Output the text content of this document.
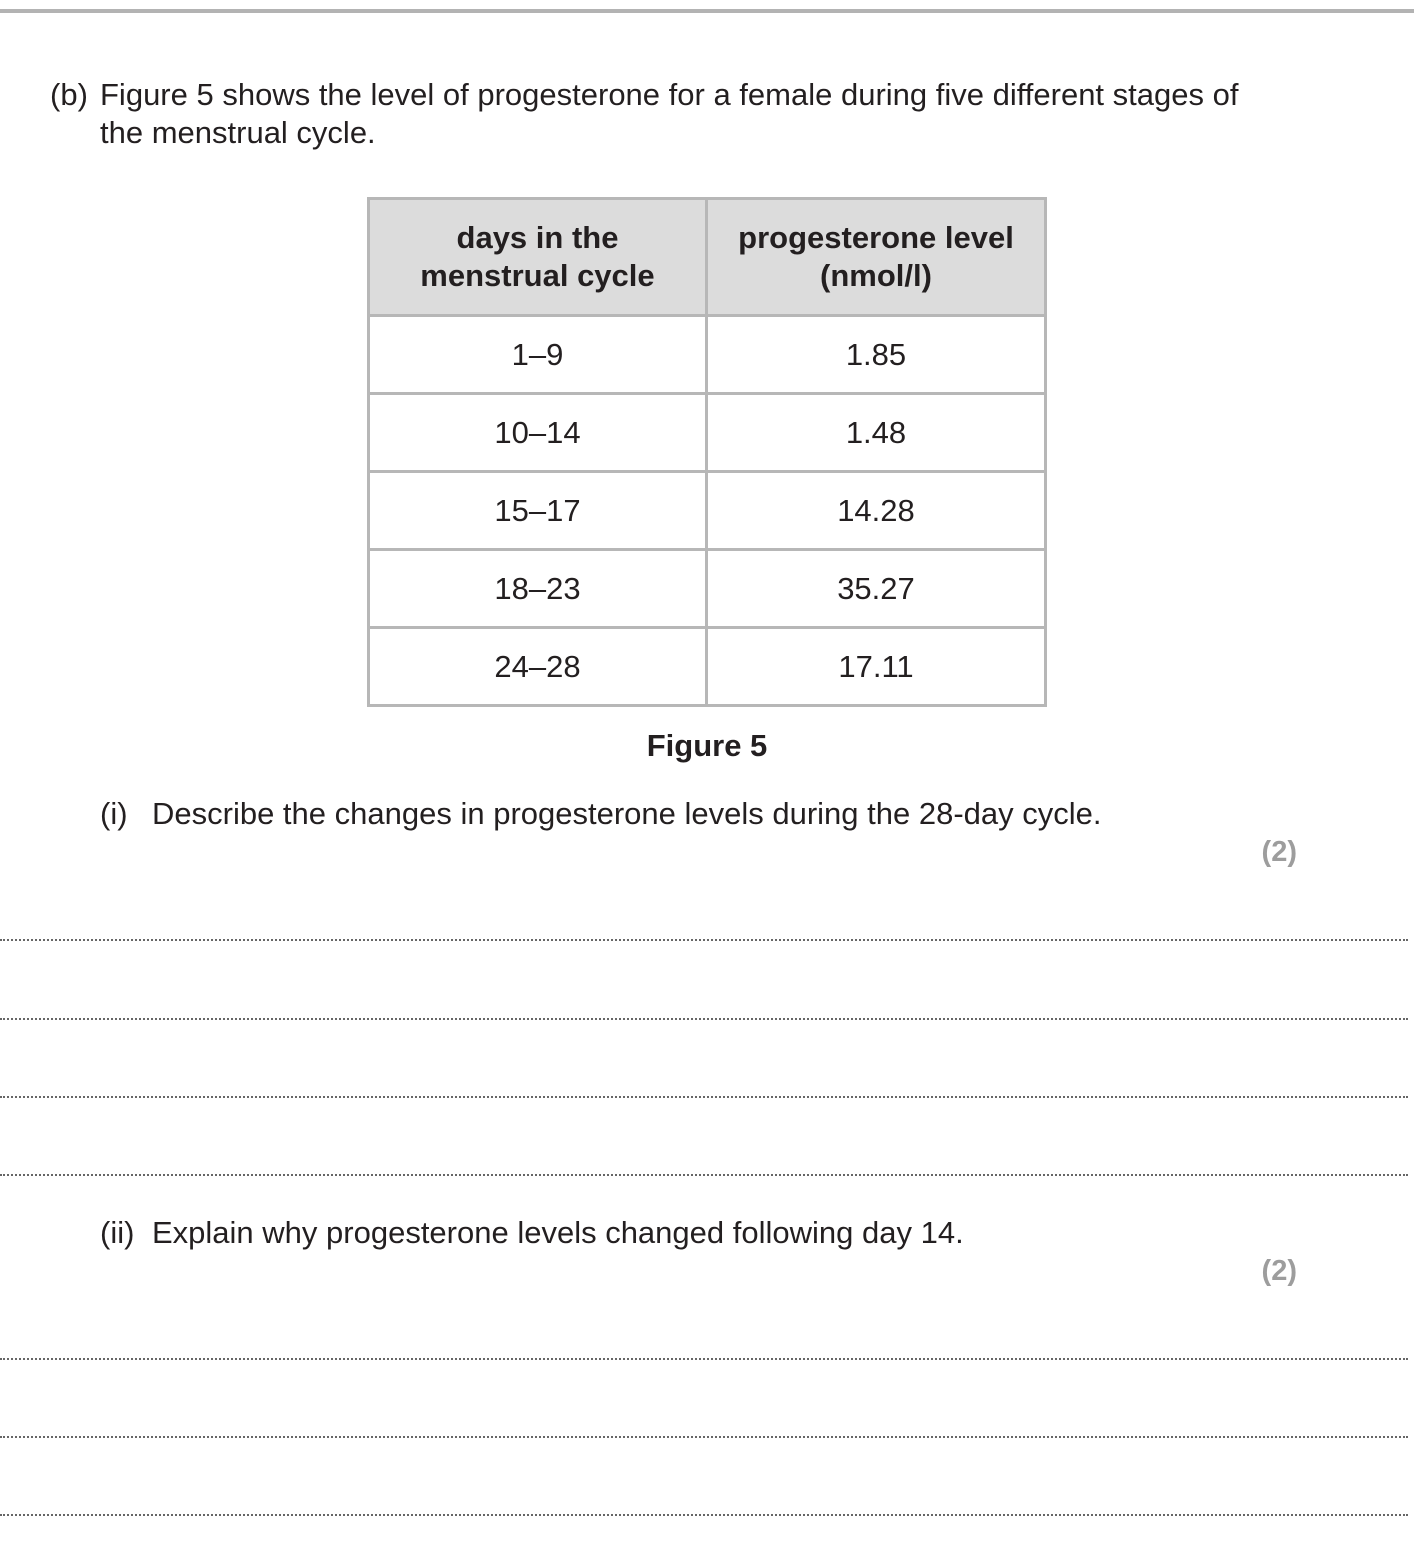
(b) Figure 5 shows the level of progesterone for a female during five different stages of the menstrual cycle.
days in the menstrual cycle	progesterone level (nmol/l)
1–9	1.85
10–14	1.48
15–17	14.28
18–23	35.27
24–28	17.11
Figure 5
(i) Describe the changes in progesterone levels during the 28-day cycle.
(2)
(ii) Explain why progesterone levels changed following day 14.
(2)
